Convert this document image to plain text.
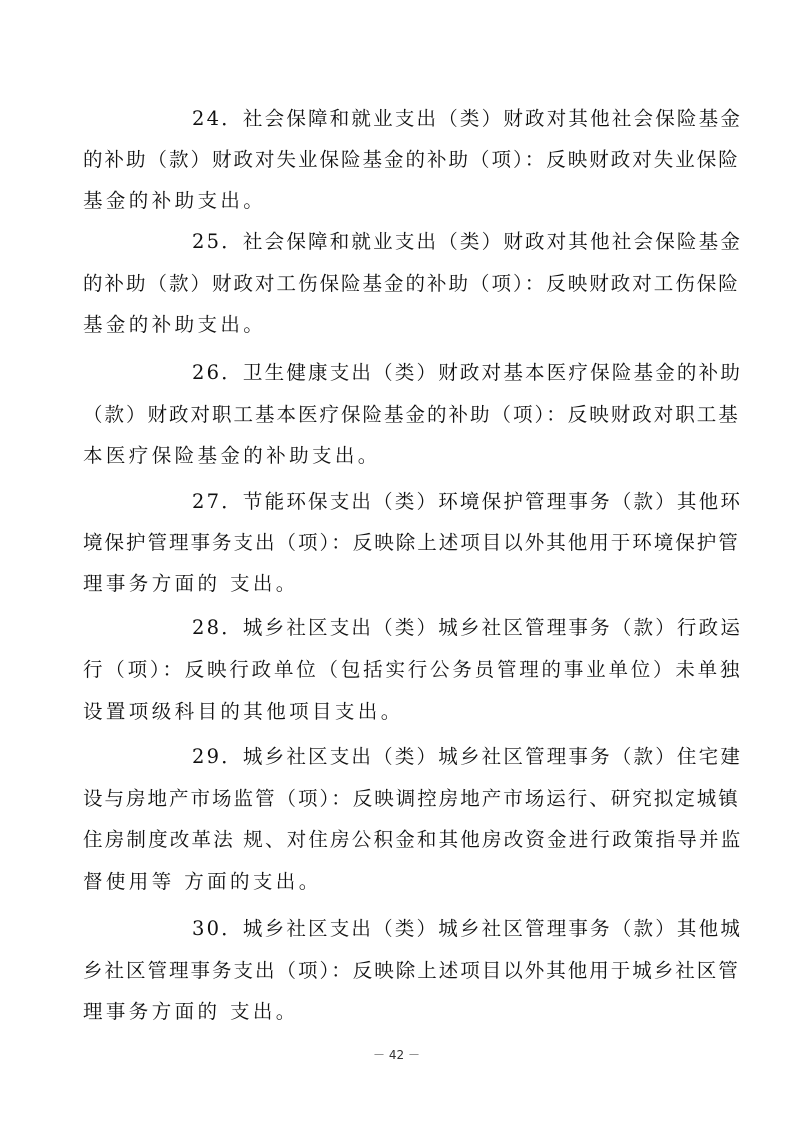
24．社会保障和就业支出（类）财政对其他社会保险基金
的补助（款）财政对失业保险基金的补助（项）：反映财政对失业保险
基金的补助支出。
25．社会保障和就业支出（类）财政对其他社会保险基金
的补助（款）财政对工伤保险基金的补助（项）：反映财政对工伤保险
基金的补助支出。
26．卫生健康支出（类）财政对基本医疗保险基金的补助
（款）财政对职工基本医疗保险基金的补助（项）：反映财政对职工基
本医疗保险基金的补助支出。
27．节能环保支出（类）环境保护管理事务（款）其他环
境保护管理事务支出（项）：反映除上述项目以外其他用于环境保护管
理事务方面的 支出。
28．城乡社区支出（类）城乡社区管理事务（款）行政运
行（项）：反映行政单位（包括实行公务员管理的事业单位）未单独
设置项级科目的其他项目支出。
29．城乡社区支出（类）城乡社区管理事务（款）住宅建
设与房地产市场监管（项）：反映调控房地产市场运行、研究拟定城镇
住房制度改革法 规、对住房公积金和其他房改资金进行政策指导并监
督使用等 方面的支出。
30．城乡社区支出（类）城乡社区管理事务（款）其他城
乡社区管理事务支出（项）：反映除上述项目以外其他用于城乡社区管
理事务方面的 支出。
－ 42 －
